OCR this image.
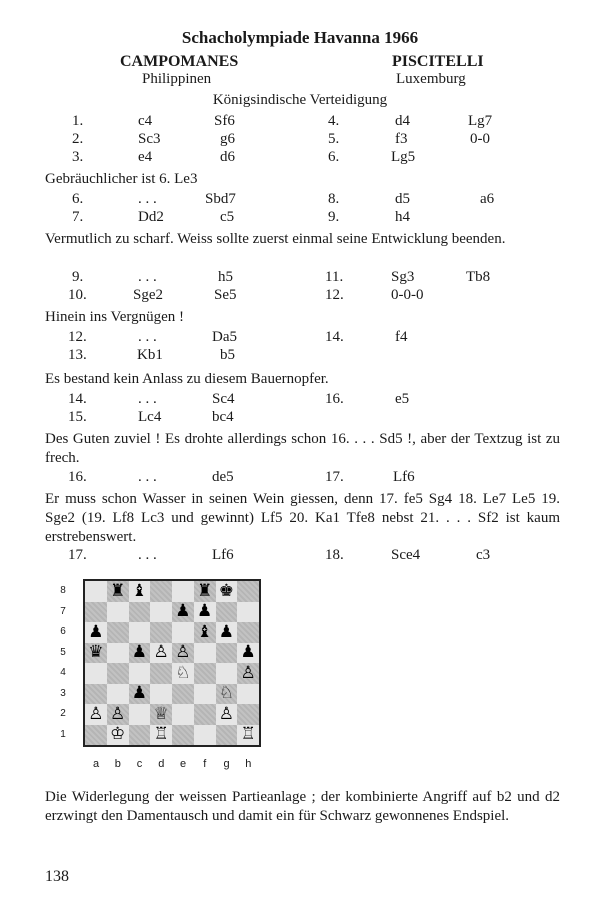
Schacholympiade Havanna 1966
CAMPOMANES
Philippinen
PISCITELLI
Luxemburg
Königsindische Verteidigung
1.	c4	Sf6
2.	Sc3	g6
3.	e4	d6
4.	d4	Lg7
5.	f3	0-0
6.	Lg5
Gebräuchlicher ist 6. Le3
6.	. . .	Sbd7
7.	Dd2	c5
8.	d5	a6
9.	h4
Vermutlich zu scharf. Weiss sollte zuerst einmal seine Entwicklung beenden.
9.	. . .	h5
10.	Sge2	Se5
11.	Sg3	Tb8
12.	0-0-0
Hinein ins Vergnügen !
12.	. . .	Da5
13.	Kb1	b5
14.	f4
Es bestand kein Anlass zu diesem Bauernopfer.
14.	. . .	Sc4
15.	Lc4	bc4
16.	e5
Des Guten zuviel ! Es drohte allerdings schon 16. . . . Sd5 !, aber der Textzug ist zu frech.
16.	. . .	de5	17.	Lf6
Er muss schon Wasser in seinen Wein giessen, denn 17. fe5 Sg4 18. Le7 Le5 19. Sge2 (19. Lf8 Lc3 und gewinnt) Lf5 20. Ka1 Tfe8 nebst 21. . . . Sf2 ist kaum erstrebenswert.
17.	. . .	Lf6	18.	Sce4	c3
♜ ♝	♜ ♚
♟ ♟
♟	♝ ♟
♛ ♟ ♙ ♙	♟
♘	♙
♟	♘
♙ ♙ ♕	♙
♔ ♖	♖
8
7
6
5
4
3
2
1
a	b	c	d	e	f	g	h
Die Widerlegung der weissen Partieanlage ; der kombinierte Angriff auf b2 und d2 erzwingt den Damentausch und damit ein für Schwarz gewonnenes Endspiel.
138
